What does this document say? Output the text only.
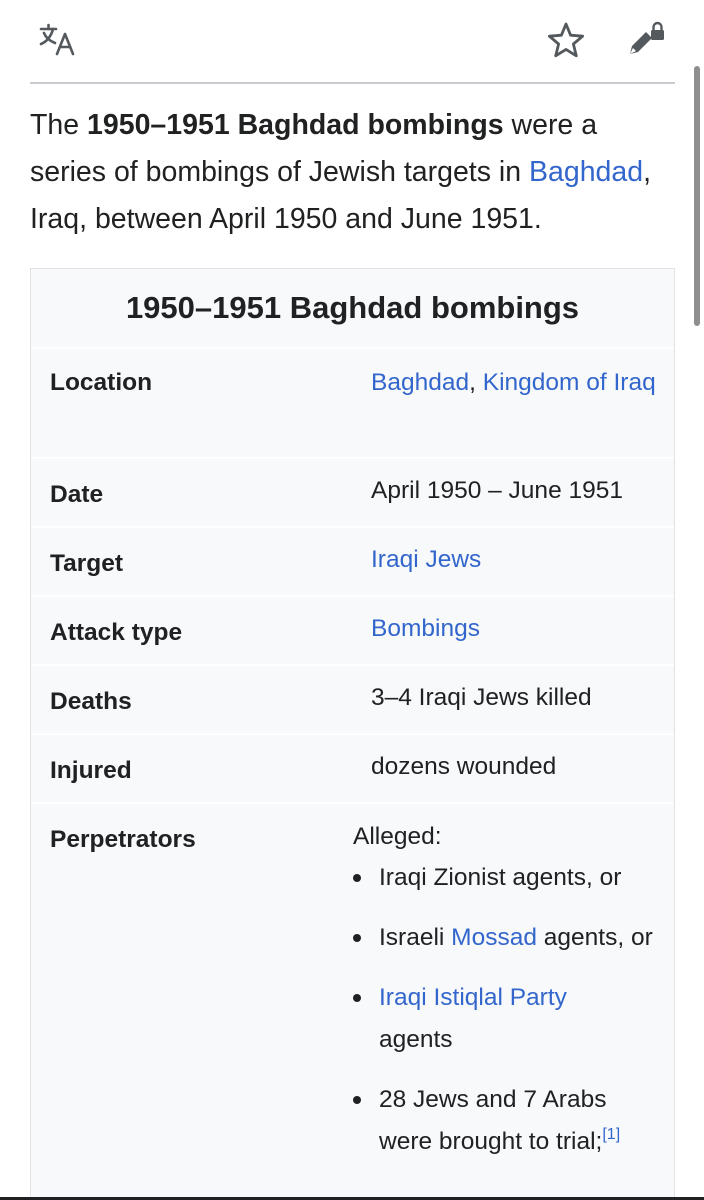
The 1950–1951 Baghdad bombings were a series of bombings of Jewish targets in Baghdad, Iraq, between April 1950 and June 1951.

1950–1951 Baghdad bombings
Location	Baghdad, Kingdom of Iraq
Date	April 1950 – June 1951
Target	Iraqi Jews
Attack type	Bombings
Deaths	3–4 Iraqi Jews killed
Injured	dozens wounded
Perpetrators	Alleged:
Iraqi Zionist agents, or
Israeli Mossad agents, or
Iraqi Istiqlal Party
agents
28 Jews and 7 Arabs were brought to trial;[1]
